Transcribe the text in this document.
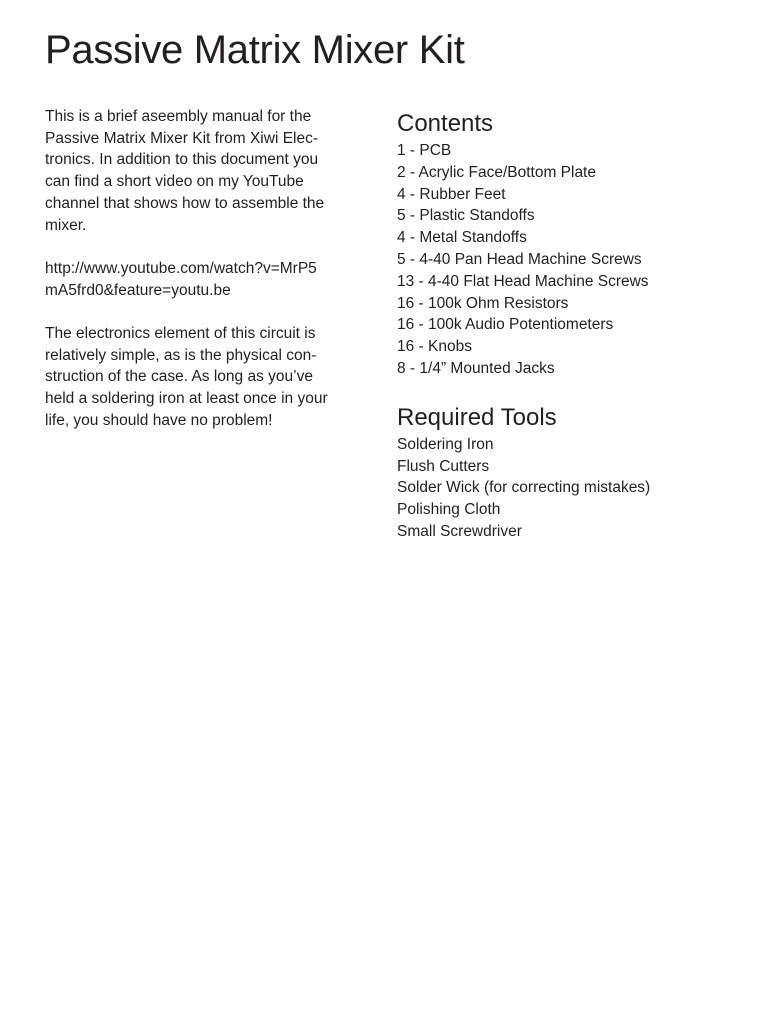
Passive Matrix Mixer Kit

This is a brief aseembly manual for the
Passive Matrix Mixer Kit from Xiwi Elec-
tronics. In addition to this document you
can find a short video on my YouTube
channel that shows how to assemble the
mixer.

http://www.youtube.com/watch?v=MrP5
mA5frd0&feature=youtu.be

The electronics element of this circuit is
relatively simple, as is the physical con-
struction of the case. As long as you’ve
held a soldering iron at least once in your
life, you should have no problem!

Contents
1 - PCB
2 - Acrylic Face/Bottom Plate
4 - Rubber Feet
5 - Plastic Standoffs
4 - Metal Standoffs
5 - 4-40 Pan Head Machine Screws
13 - 4-40 Flat Head Machine Screws
16 - 100k Ohm Resistors
16 - 100k Audio Potentiometers
16 - Knobs
8 - 1/4” Mounted Jacks
Required Tools
Soldering Iron
Flush Cutters
Solder Wick (for correcting mistakes)
Polishing Cloth
Small Screwdriver
